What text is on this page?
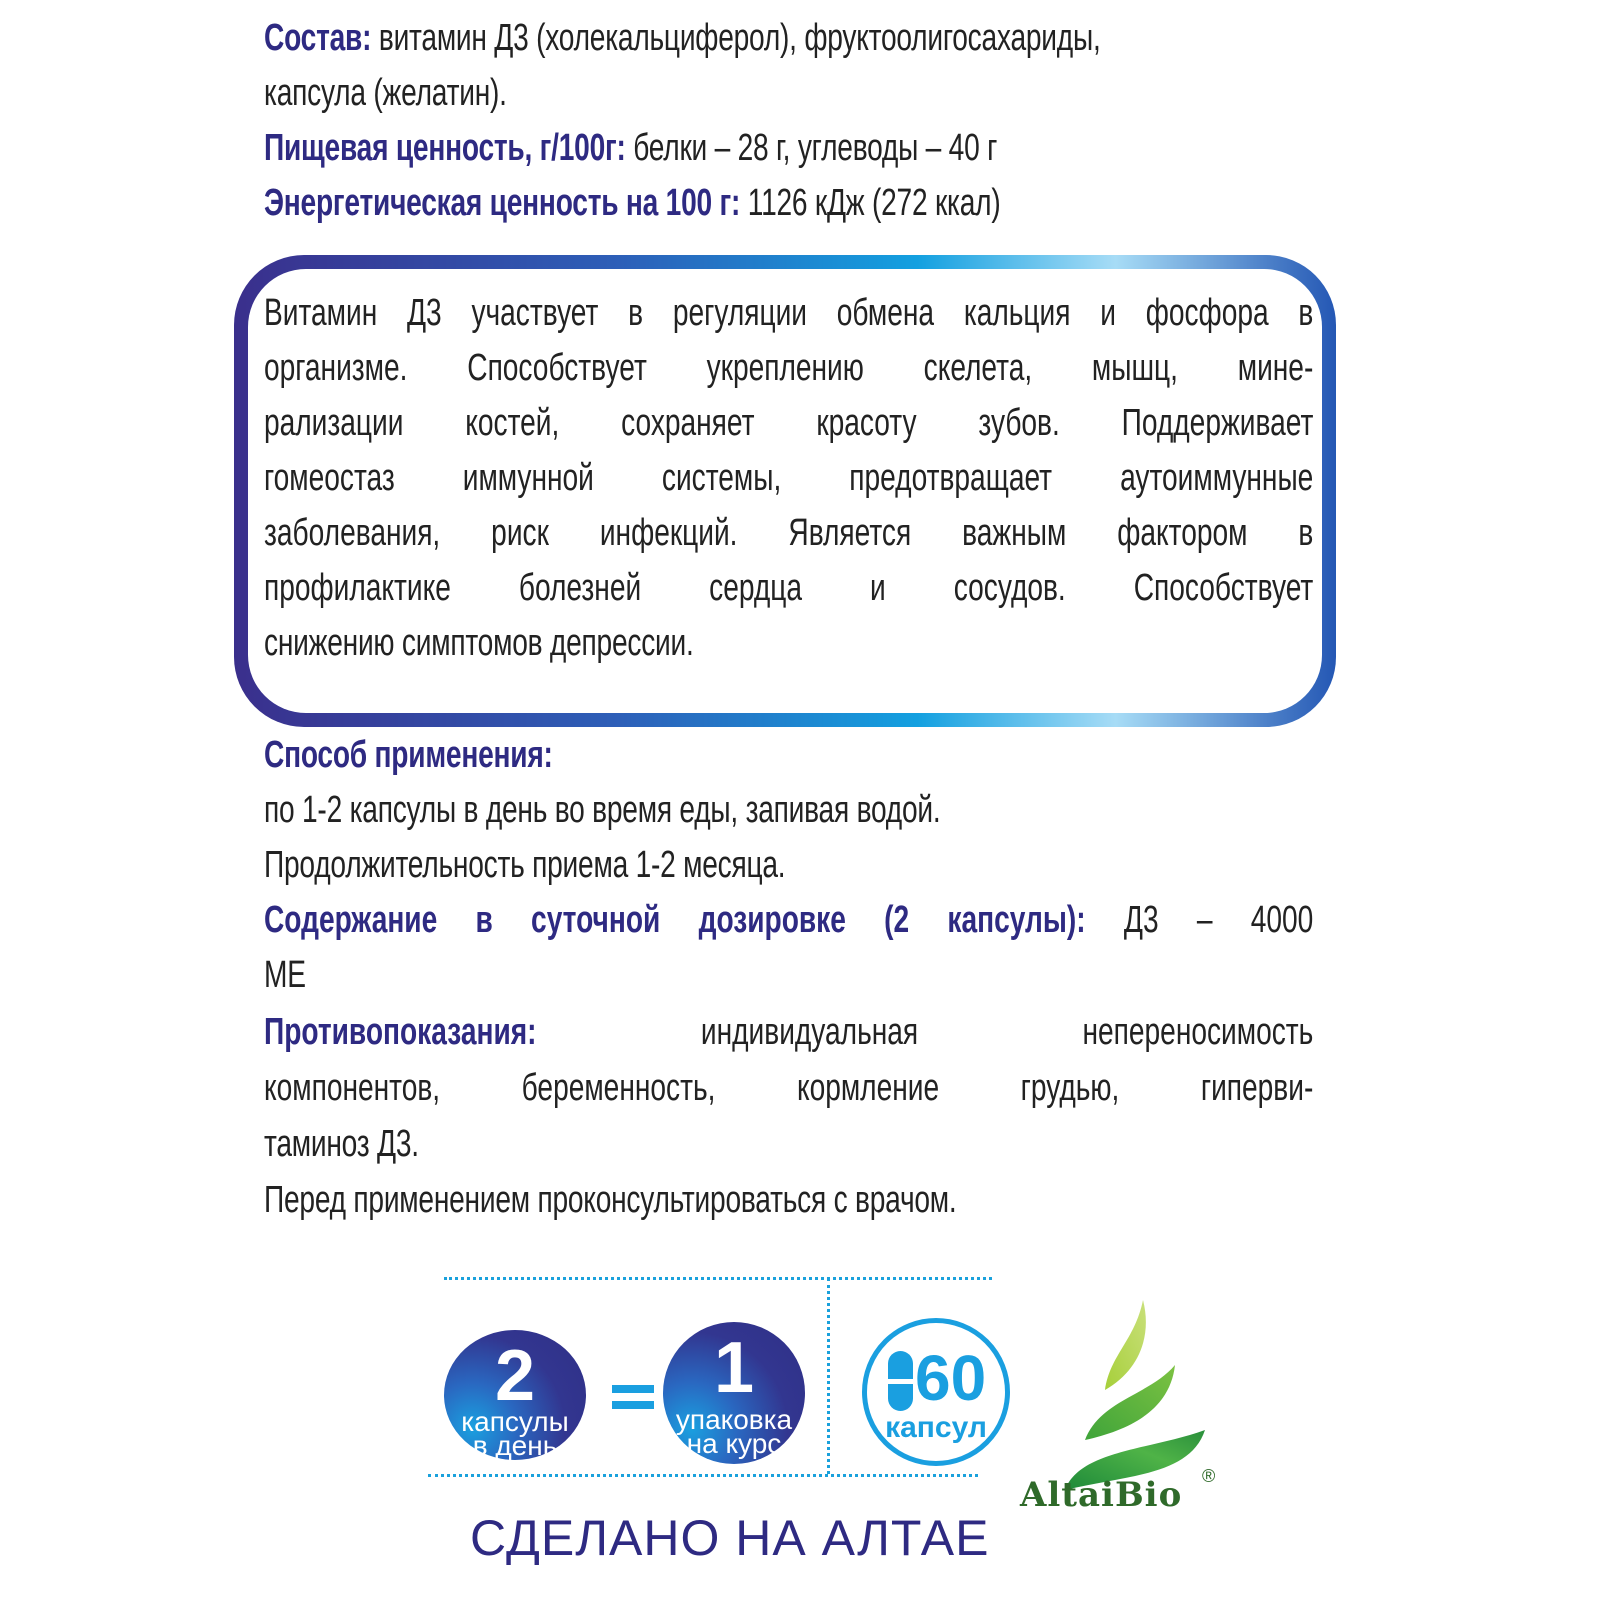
Состав: витамин Д3 (холекальциферол), фруктоолигосахариды,
капсула (желатин).
Пищевая ценность, г/100г: белки – 28 г, углеводы – 40 г
Энергетическая ценность на 100 г: 1126 кДж (272 ккал)
Витамин Д3 участвует в регуляции обмена кальция и фосфора в
организме. Способствует укреплению скелета, мышц, мине-
рализации костей, сохраняет красоту зубов. Поддерживает
гомеостаз иммунной системы, предотвращает аутоиммунные
заболевания, риск инфекций. Является важным фактором в
профилактике болезней сердца и сосудов. Способствует
снижению симптомов депрессии.
Способ применения:
по 1-2 капсулы в день во время еды, запивая водой.
Продолжительность приема 1-2 месяца.
Содержание в суточной дозировке (2 капсулы): Д3 – 4000
МЕ
Противопоказания: индивидуальная непереносимость
компонентов, беременность, кормление грудью, гиперви-
таминоз Д3.
Перед применением проконсультироваться с врачом.
2
капсулы
в день
1
упаковка
на курс
60
капсул
СДЕЛАНО НА АЛТАЕ
AltaiBio ®
